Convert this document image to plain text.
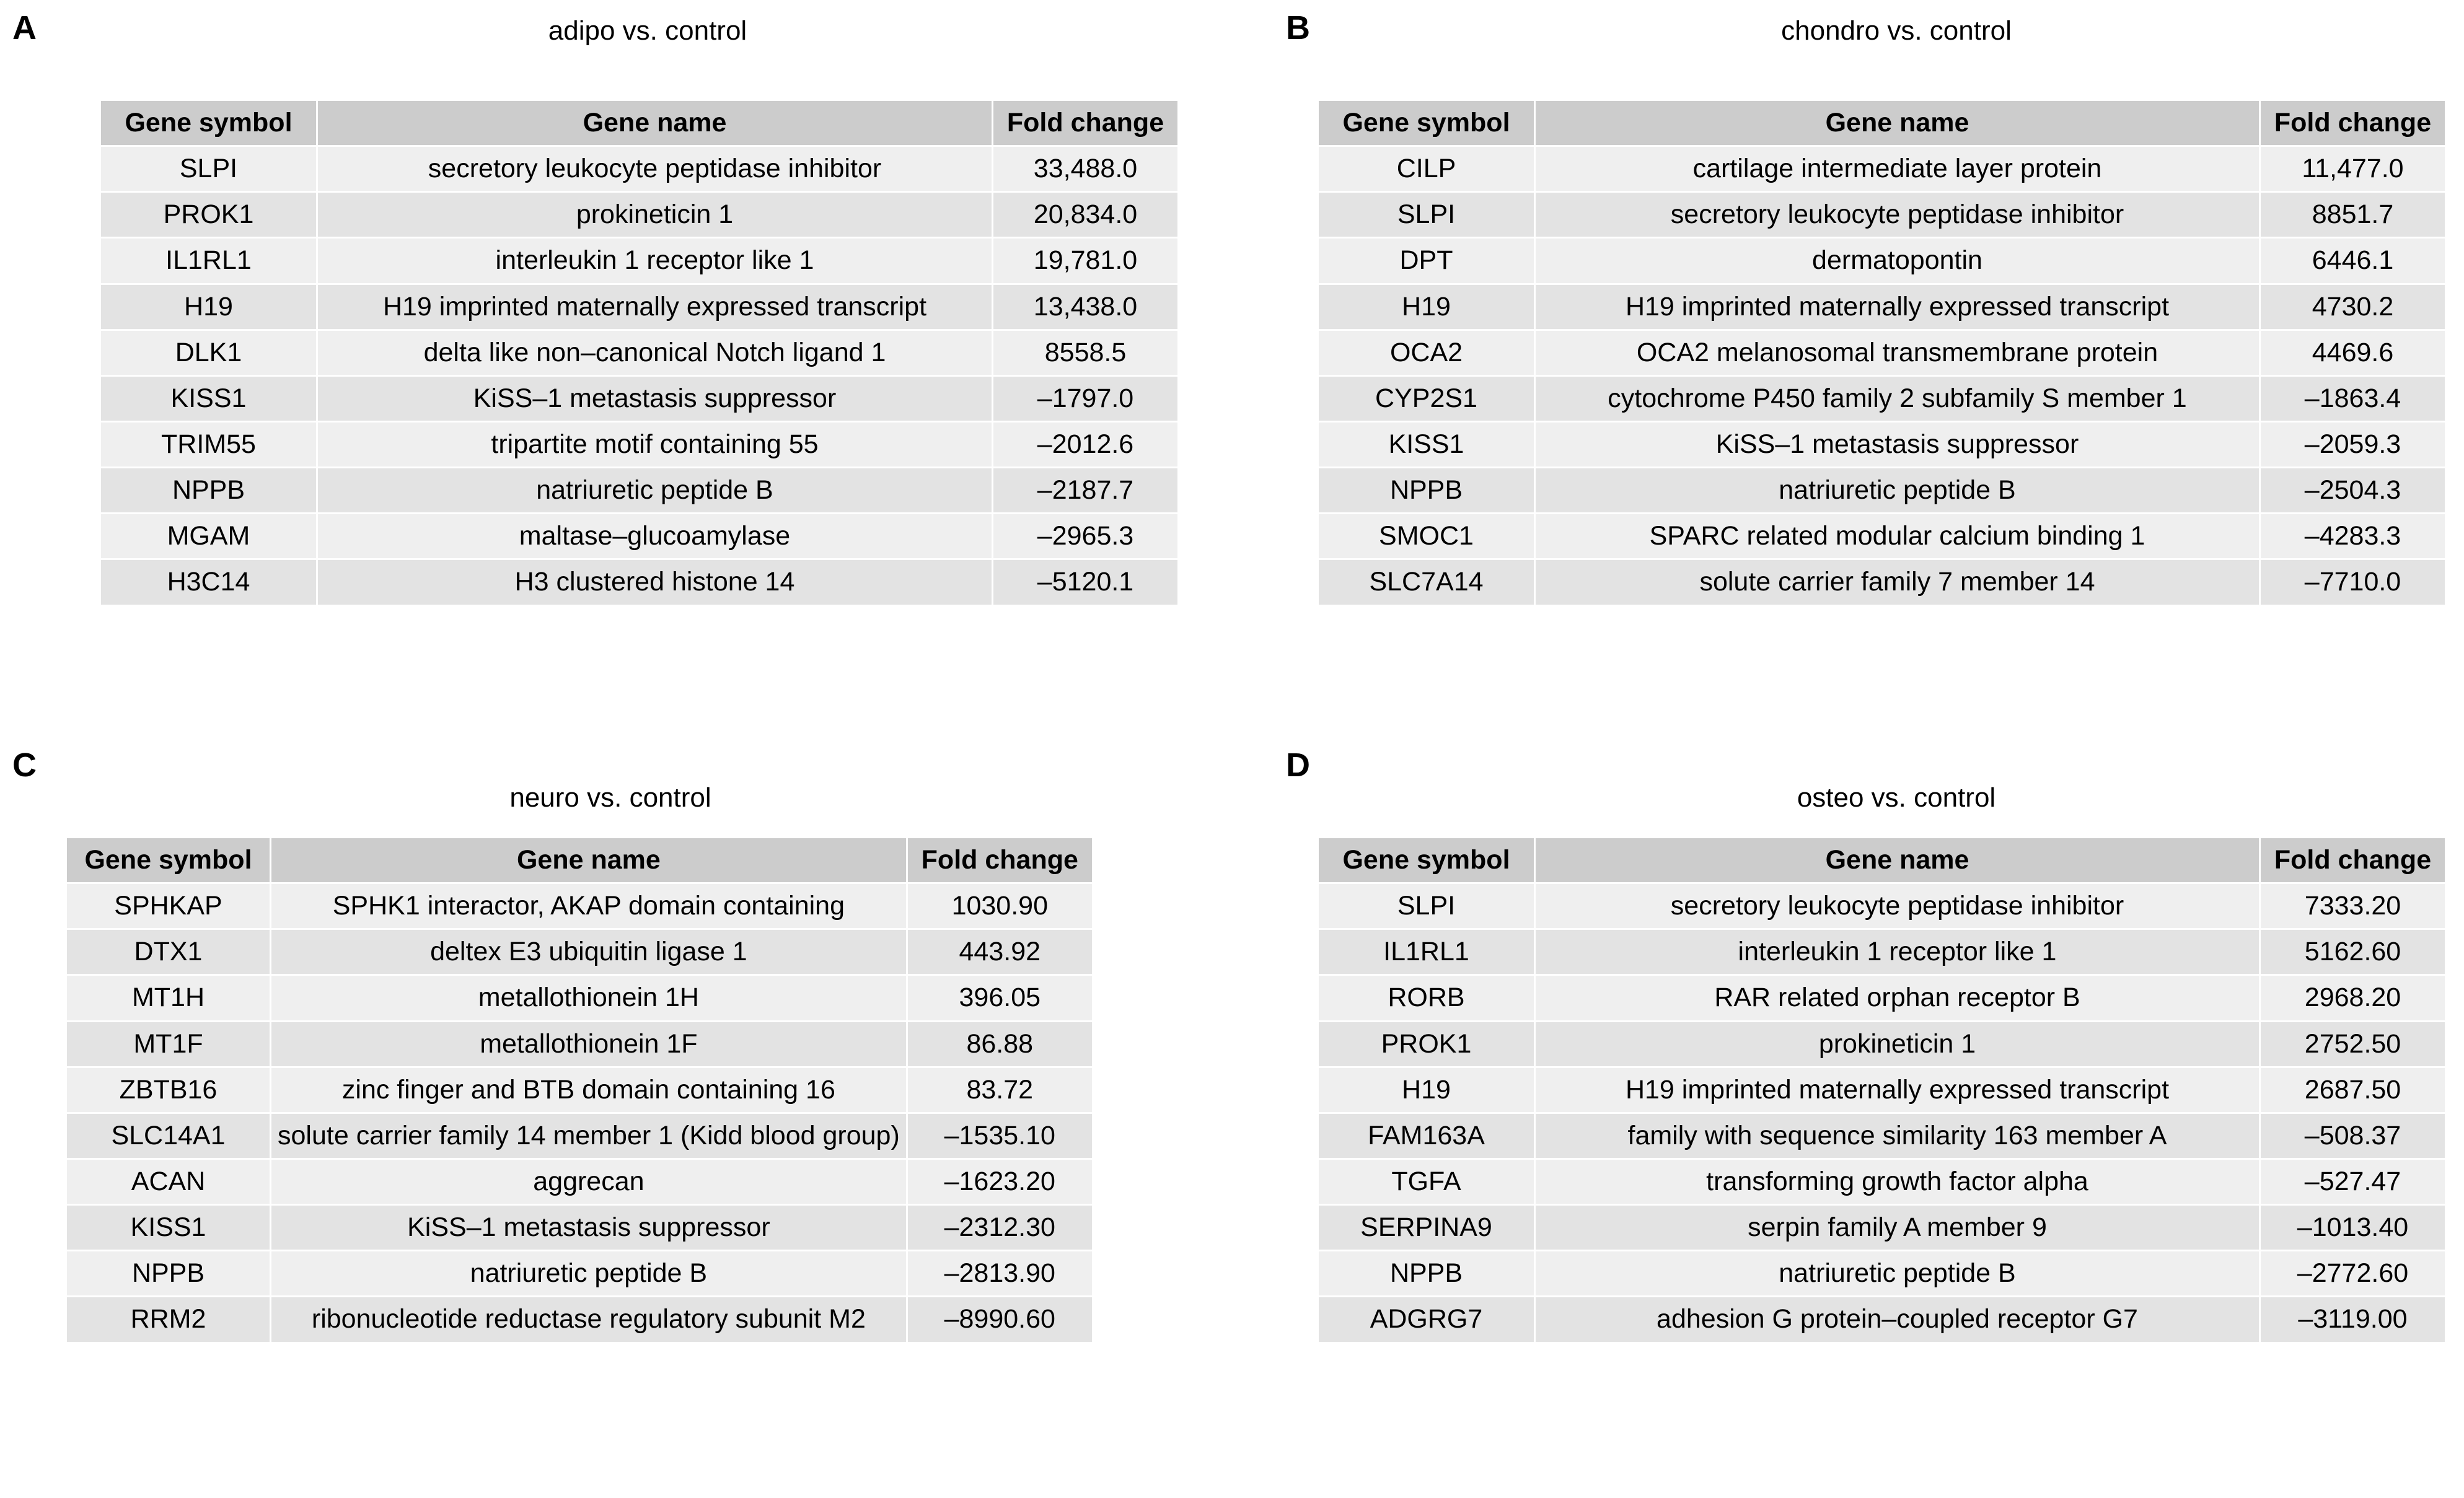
A	adipo vs. control
Gene symbol	Gene name	Fold change
SLPI	secretory leukocyte peptidase inhibitor	33,488.0
PROK1	prokineticin 1	20,834.0
IL1RL1	interleukin 1 receptor like 1	19,781.0
H19	H19 imprinted maternally expressed transcript	13,438.0
DLK1	delta like non–canonical Notch ligand 1	8558.5
KISS1	KiSS–1 metastasis suppressor	–1797.0
TRIM55	tripartite motif containing 55	–2012.6
NPPB	natriuretic peptide B	–2187.7
MGAM	maltase–glucoamylase	–2965.3
H3C14	H3 clustered histone 14	–5120.1
B	chondro vs. control
Gene symbol	Gene name	Fold change
CILP	cartilage intermediate layer protein	11,477.0
SLPI	secretory leukocyte peptidase inhibitor	8851.7
DPT	dermatopontin	6446.1
H19	H19 imprinted maternally expressed transcript	4730.2
OCA2	OCA2 melanosomal transmembrane protein	4469.6
CYP2S1	cytochrome P450 family 2 subfamily S member 1	–1863.4
KISS1	KiSS–1 metastasis suppressor	–2059.3
NPPB	natriuretic peptide B	–2504.3
SMOC1	SPARC related modular calcium binding 1	–4283.3
SLC7A14	solute carrier family 7 member 14	–7710.0
C
neuro vs. control
Gene symbol	Gene name	Fold change
SPHKAP	SPHK1 interactor, AKAP domain containing	1030.90
DTX1	deltex E3 ubiquitin ligase 1	443.92
MT1H	metallothionein 1H	396.05
MT1F	metallothionein 1F	86.88
ZBTB16	zinc finger and BTB domain containing 16	83.72
SLC14A1	solute carrier family 14 member 1 (Kidd blood group)	–1535.10
ACAN	aggrecan	–1623.20
KISS1	KiSS–1 metastasis suppressor	–2312.30
NPPB	natriuretic peptide B	–2813.90
RRM2	ribonucleotide reductase regulatory subunit M2	–8990.60
D
osteo vs. control
Gene symbol	Gene name	Fold change
SLPI	secretory leukocyte peptidase inhibitor	7333.20
IL1RL1	interleukin 1 receptor like 1	5162.60
RORB	RAR related orphan receptor B	2968.20
PROK1	prokineticin 1	2752.50
H19	H19 imprinted maternally expressed transcript	2687.50
FAM163A	family with sequence similarity 163 member A	–508.37
TGFA	transforming growth factor alpha	–527.47
SERPINA9	serpin family A member 9	–1013.40
NPPB	natriuretic peptide B	–2772.60
ADGRG7	adhesion G protein–coupled receptor G7	–3119.00
